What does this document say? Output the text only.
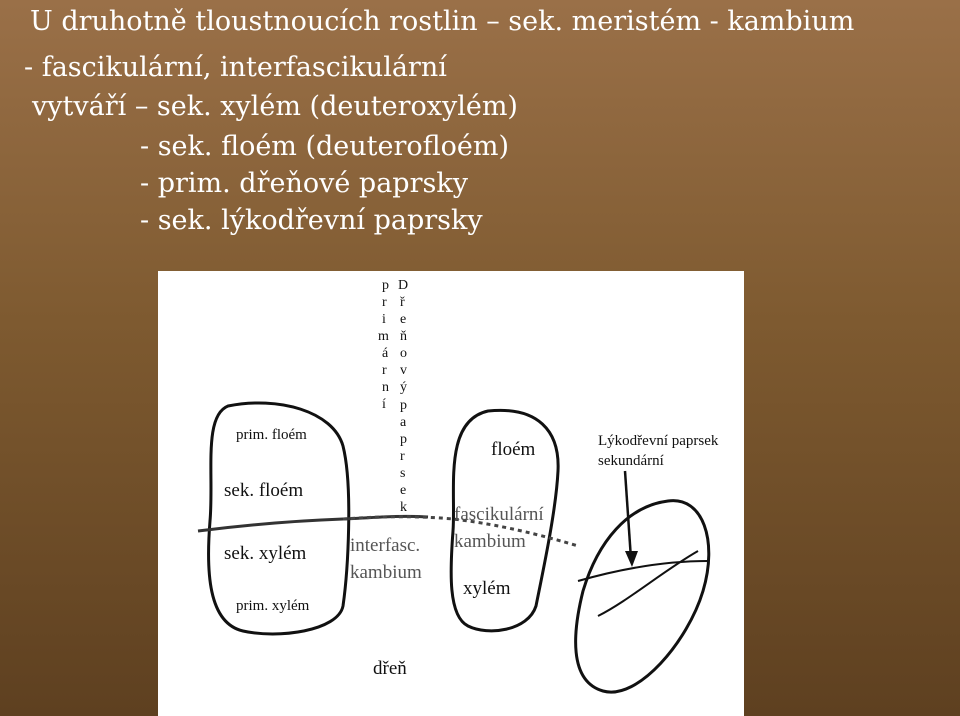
U druhotně tloustnoucích rostlin – sek. meristém - kambium
- fascikulární, interfascikulární
vytváří – sek. xylém (deuteroxylém)
- sek. floém (deuterofloém)
- prim. dřeňové paprsky
- sek. lýkodřevní paprsky
p
r
i
m
á
r
n
í
D
ř
e
ň
o
v
ý
p
a
p
r
s
e
k
prim. floém
sek. floém
sek. xylém
prim. xylém
interfasc.
kambium
floém
fascikulární
kambium
xylém
Lýkodřevní paprsek
sekundární
dřeň
